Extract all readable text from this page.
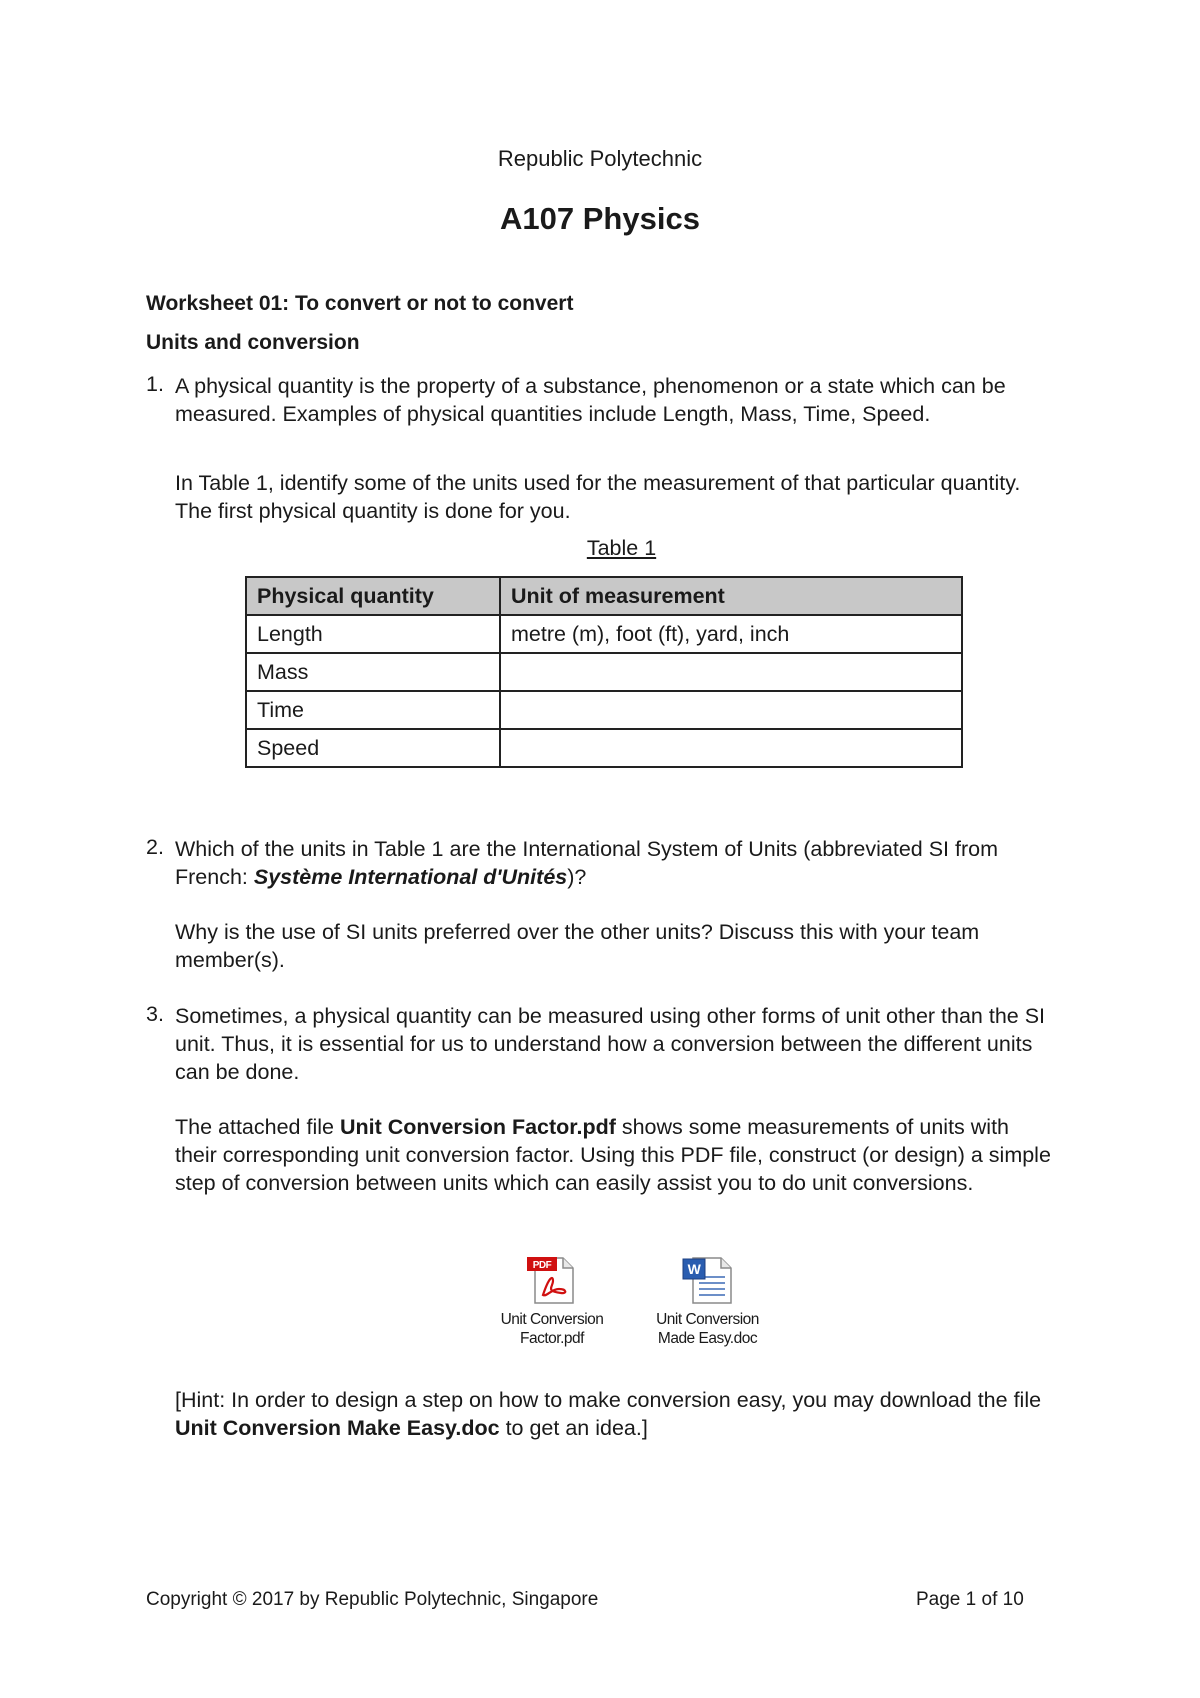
Republic Polytechnic
A107 Physics
Worksheet 01: To convert or not to convert
Units and conversion
1. A physical quantity is the property of a substance, phenomenon or a state which can be measured. Examples of physical quantities include Length, Mass, Time, Speed.
In Table 1, identify some of the units used for the measurement of that particular quantity. The first physical quantity is done for you.
Table 1
Physical quantity	Unit of measurement
Length	metre (m), foot (ft), yard, inch
Mass	
Time	
Speed	
2. Which of the units in Table 1 are the International System of Units (abbreviated SI from French: Système International d'Unités)?
Why is the use of SI units preferred over the other units? Discuss this with your team member(s).
3. Sometimes, a physical quantity can be measured using other forms of unit other than the SI unit. Thus, it is essential for us to understand how a conversion between the different units can be done.
The attached file Unit Conversion Factor.pdf shows some measurements of units with their corresponding unit conversion factor. Using this PDF file, construct (or design) a simple step of conversion between units which can easily assist you to do unit conversions.
PDF
Unit Conversion
Factor.pdf
W
Unit Conversion
Made Easy.doc
[Hint: In order to design a step on how to make conversion easy, you may download the file Unit Conversion Make Easy.doc to get an idea.]
Copyright © 2017 by Republic Polytechnic, Singapore	Page 1 of 10
